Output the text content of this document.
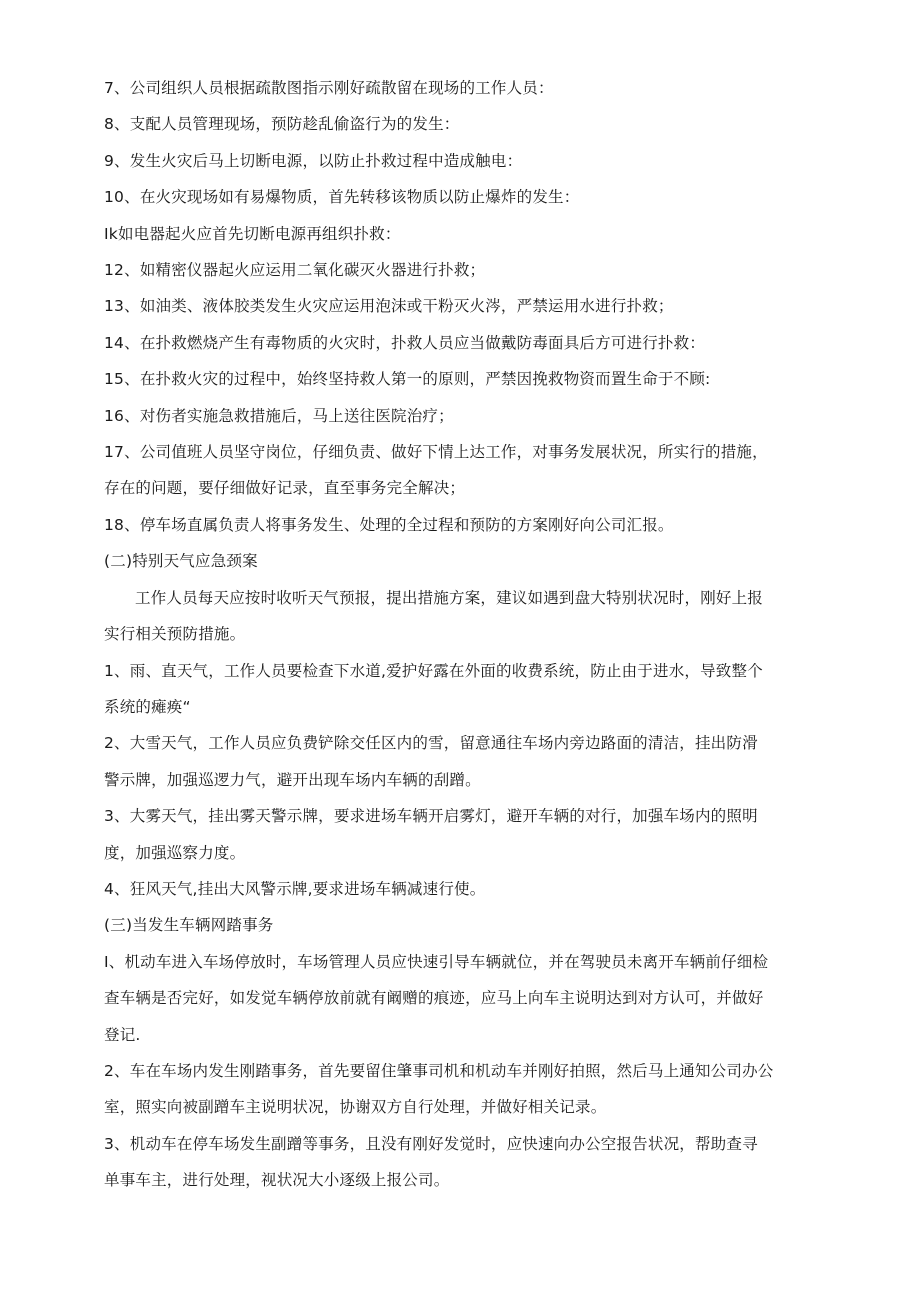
7、公司组织人员根据疏散图指示刚好疏散留在现场的工作人员：

8、支配人员管理现场，预防趁乱偷盗行为的发生：

9、发生火灾后马上切断电源，以防止扑救过程中造成触电：

10、在火灾现场如有易爆物质，首先转移该物质以防止爆炸的发生：

Ik如电器起火应首先切断电源再组织扑救：

12、如精密仪器起火应运用二氧化碳灭火器进行扑救；

13、如油类、液体胶类发生火灾应运用泡沫或干粉灭火涔，严禁运用水进行扑救；

14、在扑救燃烧产生有毒物质的火灾时，扑救人员应当做戴防毒面具后方可进行扑救：

15、在扑救火灾的过程中，始终坚持救人第一的原则，严禁因挽救物资而置生命于不顾:

16、对伤者实施急救措施后，马上送往医院治疗；

17、公司值班人员坚守岗位，仔细负责、做好下情上达工作，对事务发展状况，所实行的措施，

存在的问题，要仔细做好记录，直至事务完全解决；

18、停车场直属负责人将事务发生、处理的全过程和预防的方案刚好向公司汇报。

(二)特别天气应急颈案

工作人员每天应按时收听天气预报，提出措施方案，建议如遇到盘大特别状况时，刚好上报

实行相关预防措施。

1、雨、直天气，工作人员要检查下水道,爱护好露在外面的收费系统，防止由于进水，导致整个

系统的瘫痪“

2、大雪天气，工作人员应负费铲除交任区内的雪，留意通往车场内旁边路面的清洁，挂出防滑

警示牌，加强巡逻力气，避开出现车场内车辆的刮蹭。

3、大雾天气，挂出雾天警示牌，要求进场车辆开启雾灯，避开车辆的对行，加强车场内的照明

度，加强巡察力度。

4、狂风天气,挂出大风警示牌,要求进场车辆减速行使。

(三)当发生车辆网踏事务

I、机动车进入车场停放时，车场管理人员应快速引导车辆就位，并在驾驶员未离开车辆前仔细检

查车辆是否完好，如发觉车辆停放前就有阚赠的痕迹，应马上向车主说明达到对方认可，并做好

登记.

2、车在车场内发生刚踏事务，首先要留住肇事司机和机动车并刚好拍照，然后马上通知公司办公

室，照实向被副蹭车主说明状况，协谢双方自行处理，并做好相关记录。

3、机动车在停车场发生副蹭等事务，且没有刚好发觉时，应快速向办公空报告状况，帮助查寻

单事车主，进行处理，视状况大小逐级上报公司。
